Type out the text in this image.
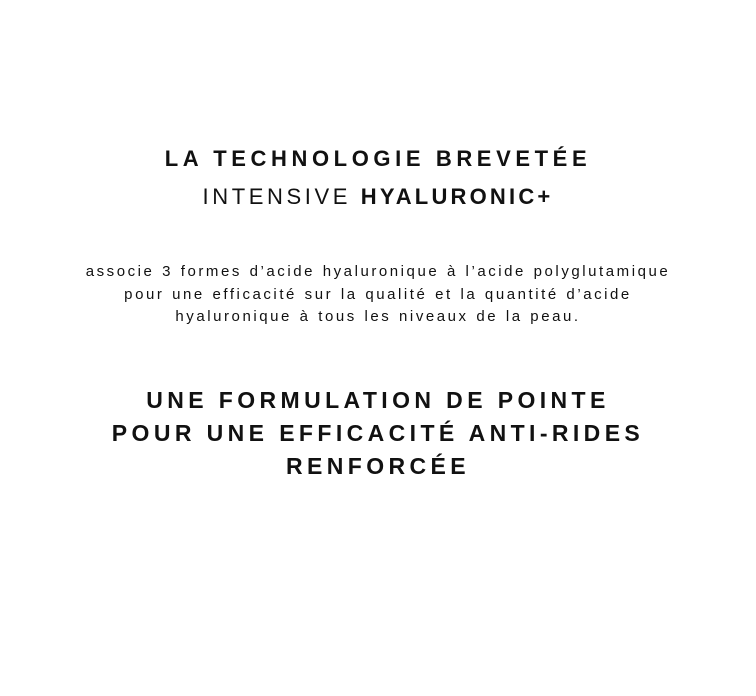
LA TECHNOLOGIE BREVETÉE
INTENSIVE HYALURONIC+

associe 3 formes d’acide hyaluronique à l’acide polyglutamique pour une efficacité sur la qualité et la quantité d’acide hyaluronique à tous les niveaux de la peau.

UNE FORMULATION DE POINTE
POUR UNE EFFICACITÉ ANTI-RIDES
RENFORCÉE
